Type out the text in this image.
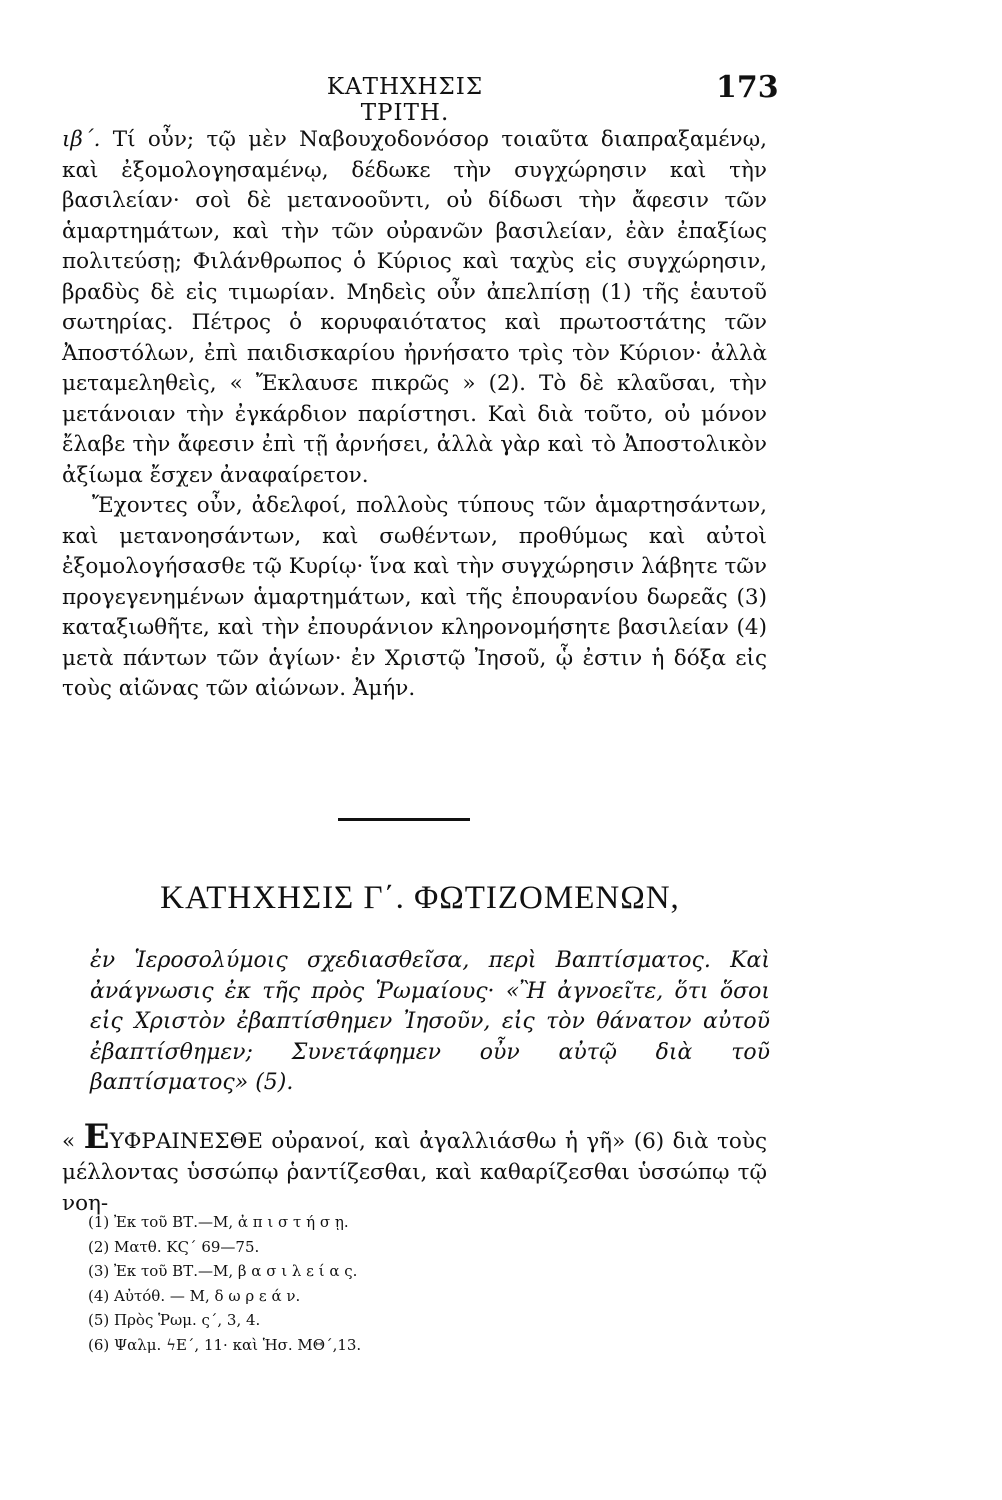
ΚΑΤΗΧΗΣΙΣ ΤΡΙΤΗ.
173

ιβ΄. Τί οὖν; τῷ μὲν Ναβουχοδονόσορ τοιαῦτα διαπραξαμένῳ, καὶ ἐξομολογησαμένῳ, δέδωκε τὴν συγχώρησιν καὶ τὴν βασιλείαν· σοὶ δὲ μετανοοῦντι, οὐ δίδωσι τὴν ἄφεσιν τῶν ἁμαρτημάτων, καὶ τὴν τῶν οὐρανῶν βασιλείαν, ἐὰν ἐπαξίως πολιτεύσῃ; Φιλάνθρωπος ὁ Κύριος καὶ ταχὺς εἰς συγχώρησιν, βραδὺς δὲ εἰς τιμωρίαν. Μηδεὶς οὖν ἀπελπίσῃ (1) τῆς ἑαυτοῦ σωτηρίας. Πέτρος ὁ κορυφαιότατος καὶ πρωτοστάτης τῶν Ἀποστόλων, ἐπὶ παιδισκαρίου ἠρνήσατο τρὶς τὸν Κύριον· ἀλλὰ μεταμεληθεὶς, « Ἔκλαυσε πικρῶς » (2). Τὸ δὲ κλαῦσαι, τὴν μετάνοιαν τὴν ἐγκάρδιον παρίστησι. Καὶ διὰ τοῦτο, οὐ μόνον ἔλαβε τὴν ἄφεσιν ἐπὶ τῇ ἀρνήσει, ἀλλὰ γὰρ καὶ τὸ Ἀποστολικὸν ἀξίωμα ἔσχεν ἀναφαίρετον.

Ἔχοντες οὖν, ἀδελφοί, πολλοὺς τύπους τῶν ἁμαρτησάντων, καὶ μετανοησάντων, καὶ σωθέντων, προθύμως καὶ αὐτοὶ ἐξομολογήσασθε τῷ Κυρίῳ· ἵνα καὶ τὴν συγχώρησιν λάβητε τῶν προγεγενημένων ἁμαρτημάτων, καὶ τῆς ἐπουρανίου δωρεᾶς (3) καταξιωθῆτε, καὶ τὴν ἐπουράνιον κληρονομήσητε βασιλείαν (4) μετὰ πάντων τῶν ἁγίων· ἐν Χριστῷ Ἰησοῦ, ᾧ ἐστιν ἡ δόξα εἰς τοὺς αἰῶνας τῶν αἰώνων. Ἀμήν.

ΚΑΤΗΧΗΣΙΣ Γ΄. ΦΩΤΙΖΟΜΕΝΩΝ,
ἐν Ἱεροσολύμοις σχεδιασθεῖσα, περὶ Βαπτίσματος. Καὶ ἀνάγνωσις ἐκ τῆς πρὸς Ῥωμαίους· «Ἢ ἀγνοεῖτε, ὅτι ὅσοι εἰς Χριστὸν ἐβαπτίσθημεν Ἰησοῦν, εἰς τὸν θάνατον αὐτοῦ ἐβαπτίσθημεν; Συνετάφημεν οὖν αὐτῷ διὰ τοῦ βαπτίσματος» (5).
« ΕΥΦΡΑΙΝΕΣΘΕ οὐρανοί, καὶ ἀγαλλιάσθω ἡ γῆ» (6) διὰ τοὺς μέλλοντας ὑσσώπῳ ῥαντίζεσθαι, καὶ καθαρίζεσθαι ὑσσώπῳ τῷ νοη-
(1) Ἐκ τοῦ ΒΤ.—Μ, ἀ π ι σ τ ή σ ῃ.
(2) Ματθ. ΚϚ΄ 69—75.
(3) Ἐκ τοῦ ΒΤ.—Μ, β α σ ι λ ε ί α ς.
(4) Αὐτόθ. — Μ, δ ω ρ ε ά ν.
(5) Πρὸς Ῥωμ. ς΄, 3, 4.
(6) Ψαλμ. ϟΕ΄, 11· καὶ Ἡσ. ΜΘ΄,13.
